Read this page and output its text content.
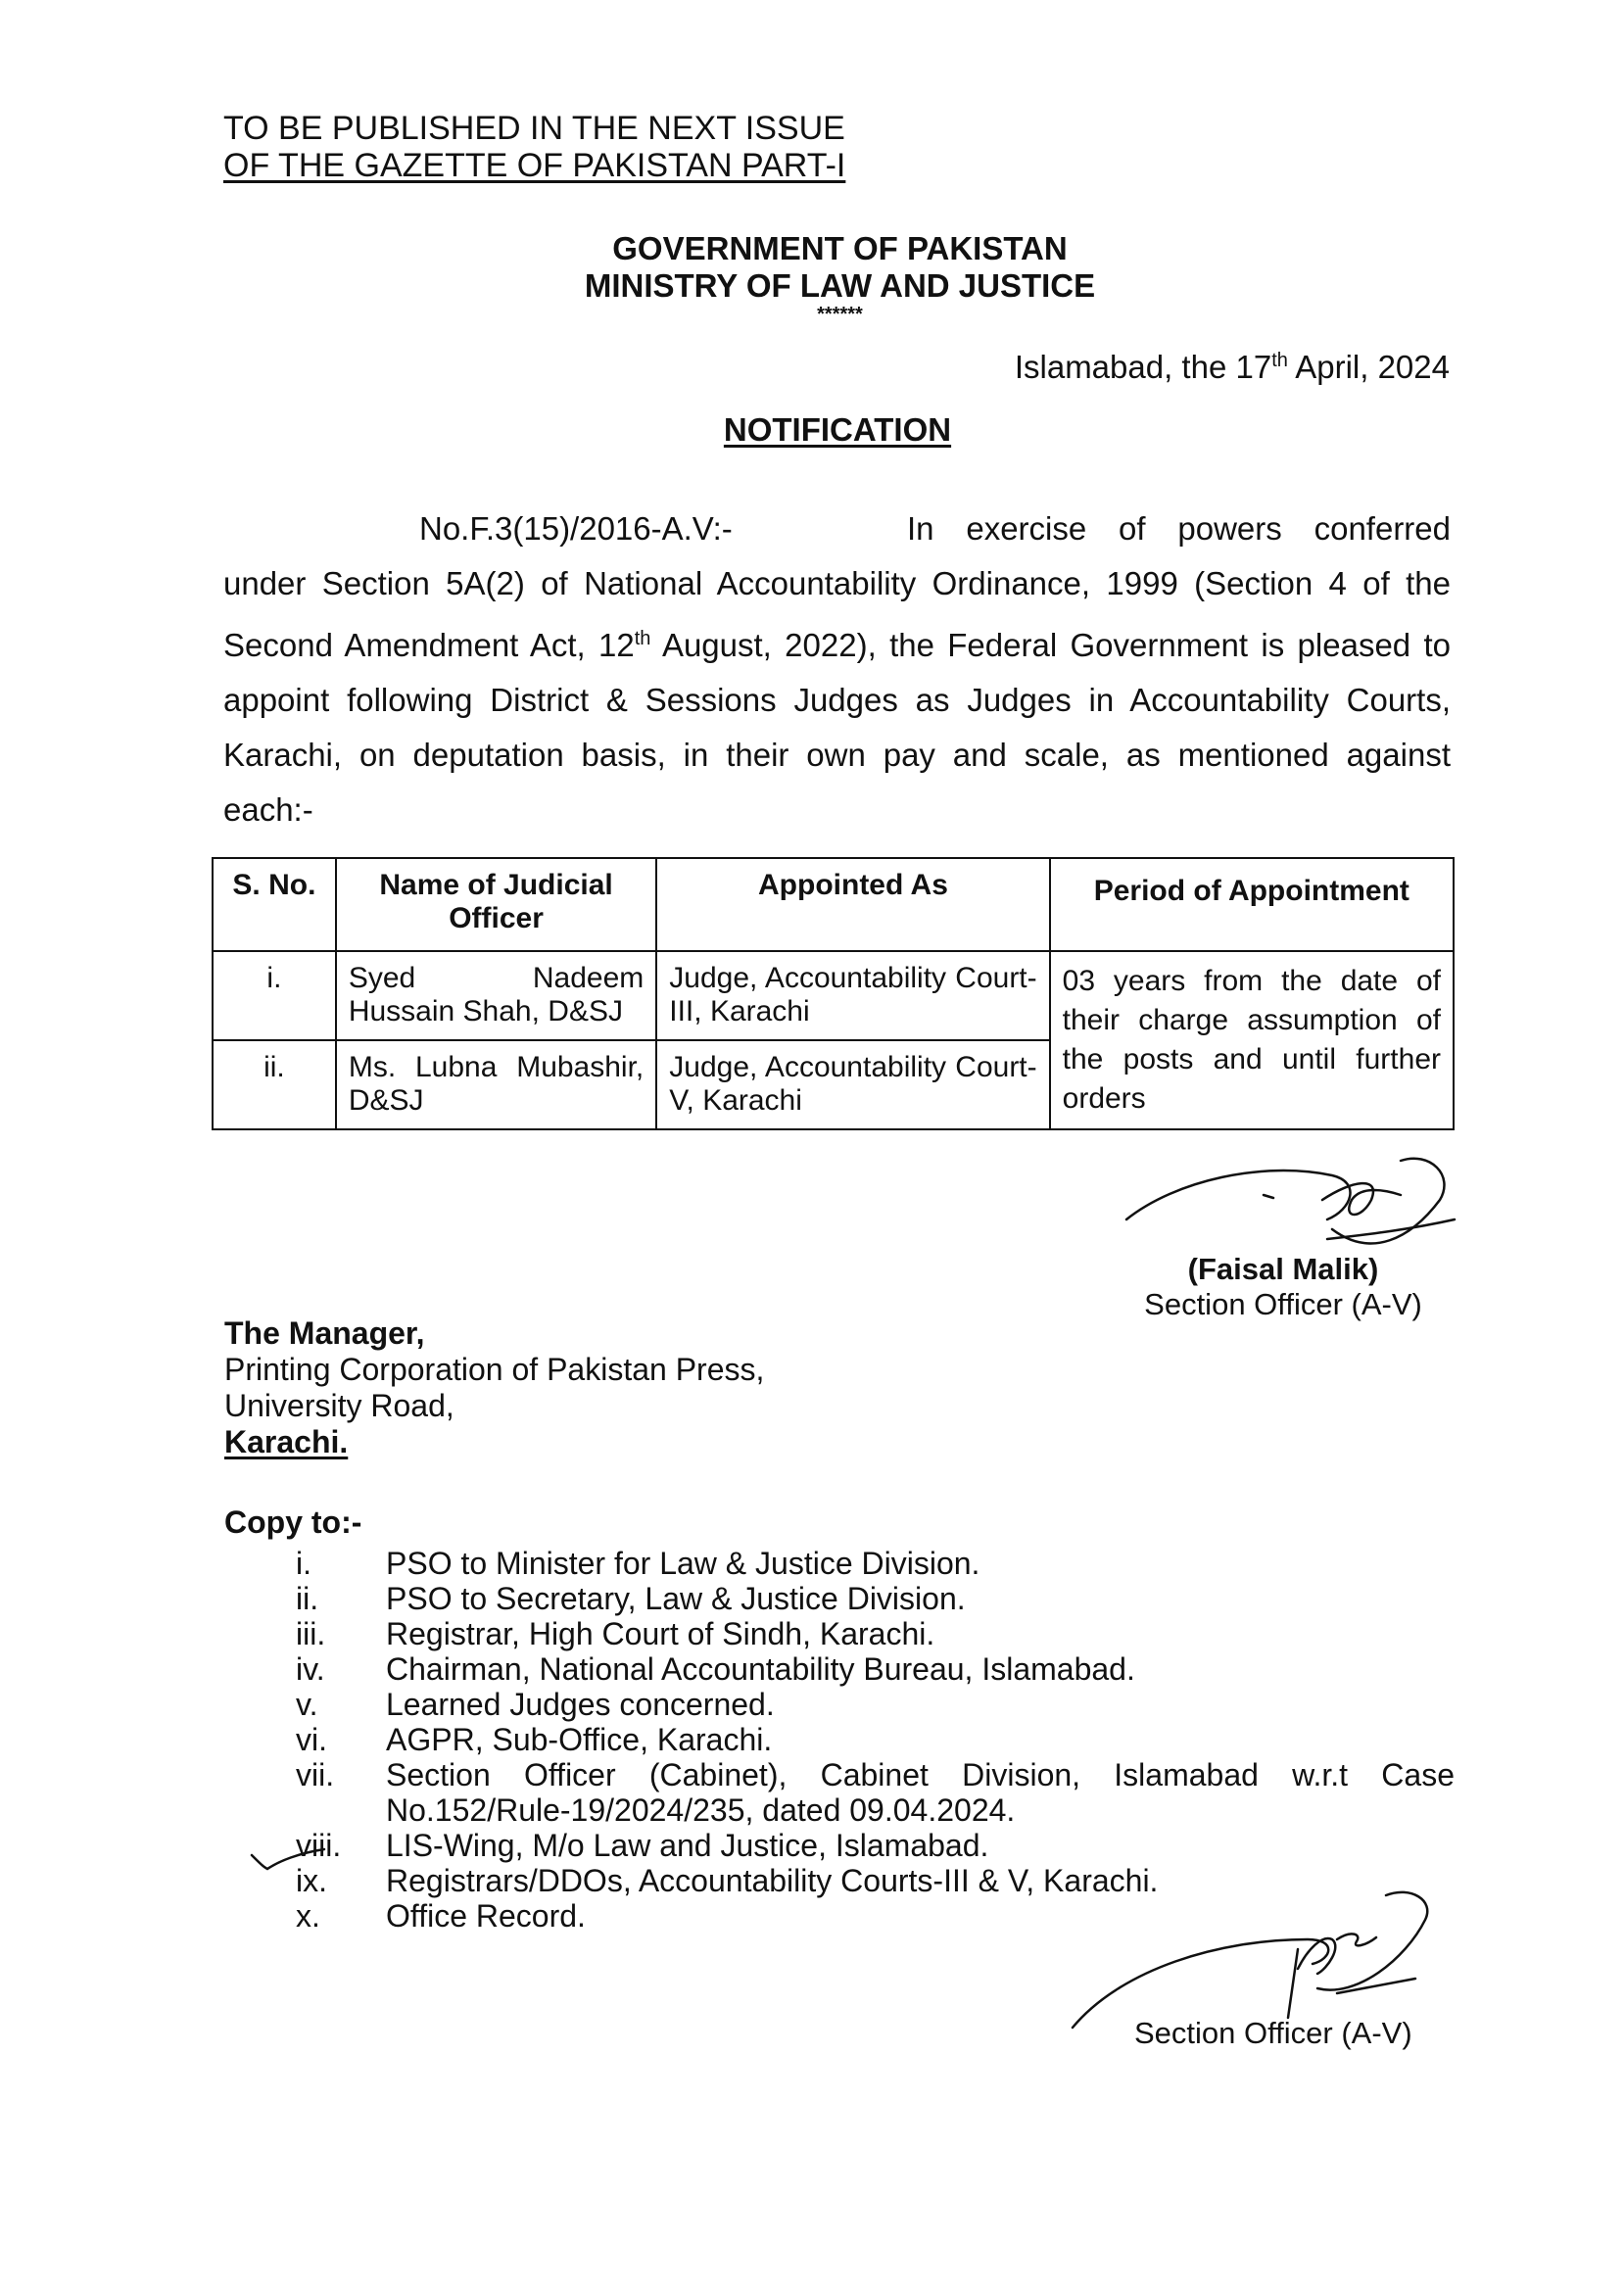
TO BE PUBLISHED IN THE NEXT ISSUE
OF THE GAZETTE OF PAKISTAN PART-I
GOVERNMENT OF PAKISTAN
MINISTRY OF LAW AND JUSTICE
******
Islamabad, the 17th April, 2024
NOTIFICATION
No.F.3(15)/2016-A.V:-	In exercise of powers conferred
under Section 5A(2) of National Accountability Ordinance, 1999 (Section 4 of the
Second Amendment Act, 12th August, 2022), the Federal Government is pleased to
appoint following District & Sessions Judges as Judges in Accountability Courts,
Karachi, on deputation basis, in their own pay and scale, as mentioned against
each:-
S. No.	Name of Judicial Officer	Appointed As	Period of Appointment
i.	Syed Nadeem Hussain Shah, D&SJ	Judge, Accountability Court-III, Karachi	03 years from the date of their charge assumption of the posts and until further orders
ii.	Ms. Lubna Mubashir, D&SJ	Judge, Accountability Court-V, Karachi	
(Faisal Malik)
Section Officer (A-V)
The Manager,
Printing Corporation of Pakistan Press,
University Road,
Karachi.
Copy to:-
i.	PSO to Minister for Law & Justice Division.
ii.	PSO to Secretary, Law & Justice Division.
iii.	Registrar, High Court of Sindh, Karachi.
iv.	Chairman, National Accountability Bureau, Islamabad.
v.	Learned Judges concerned.
vi.	AGPR, Sub-Office, Karachi.
vii.	Section Officer (Cabinet), Cabinet Division, Islamabad w.r.t Case
No.152/Rule-19/2024/235, dated 09.04.2024.
viii.	LIS-Wing, M/o Law and Justice, Islamabad.
ix.	Registrars/DDOs, Accountability Courts-III & V, Karachi.
x.	Office Record.
Section Officer (A-V)
